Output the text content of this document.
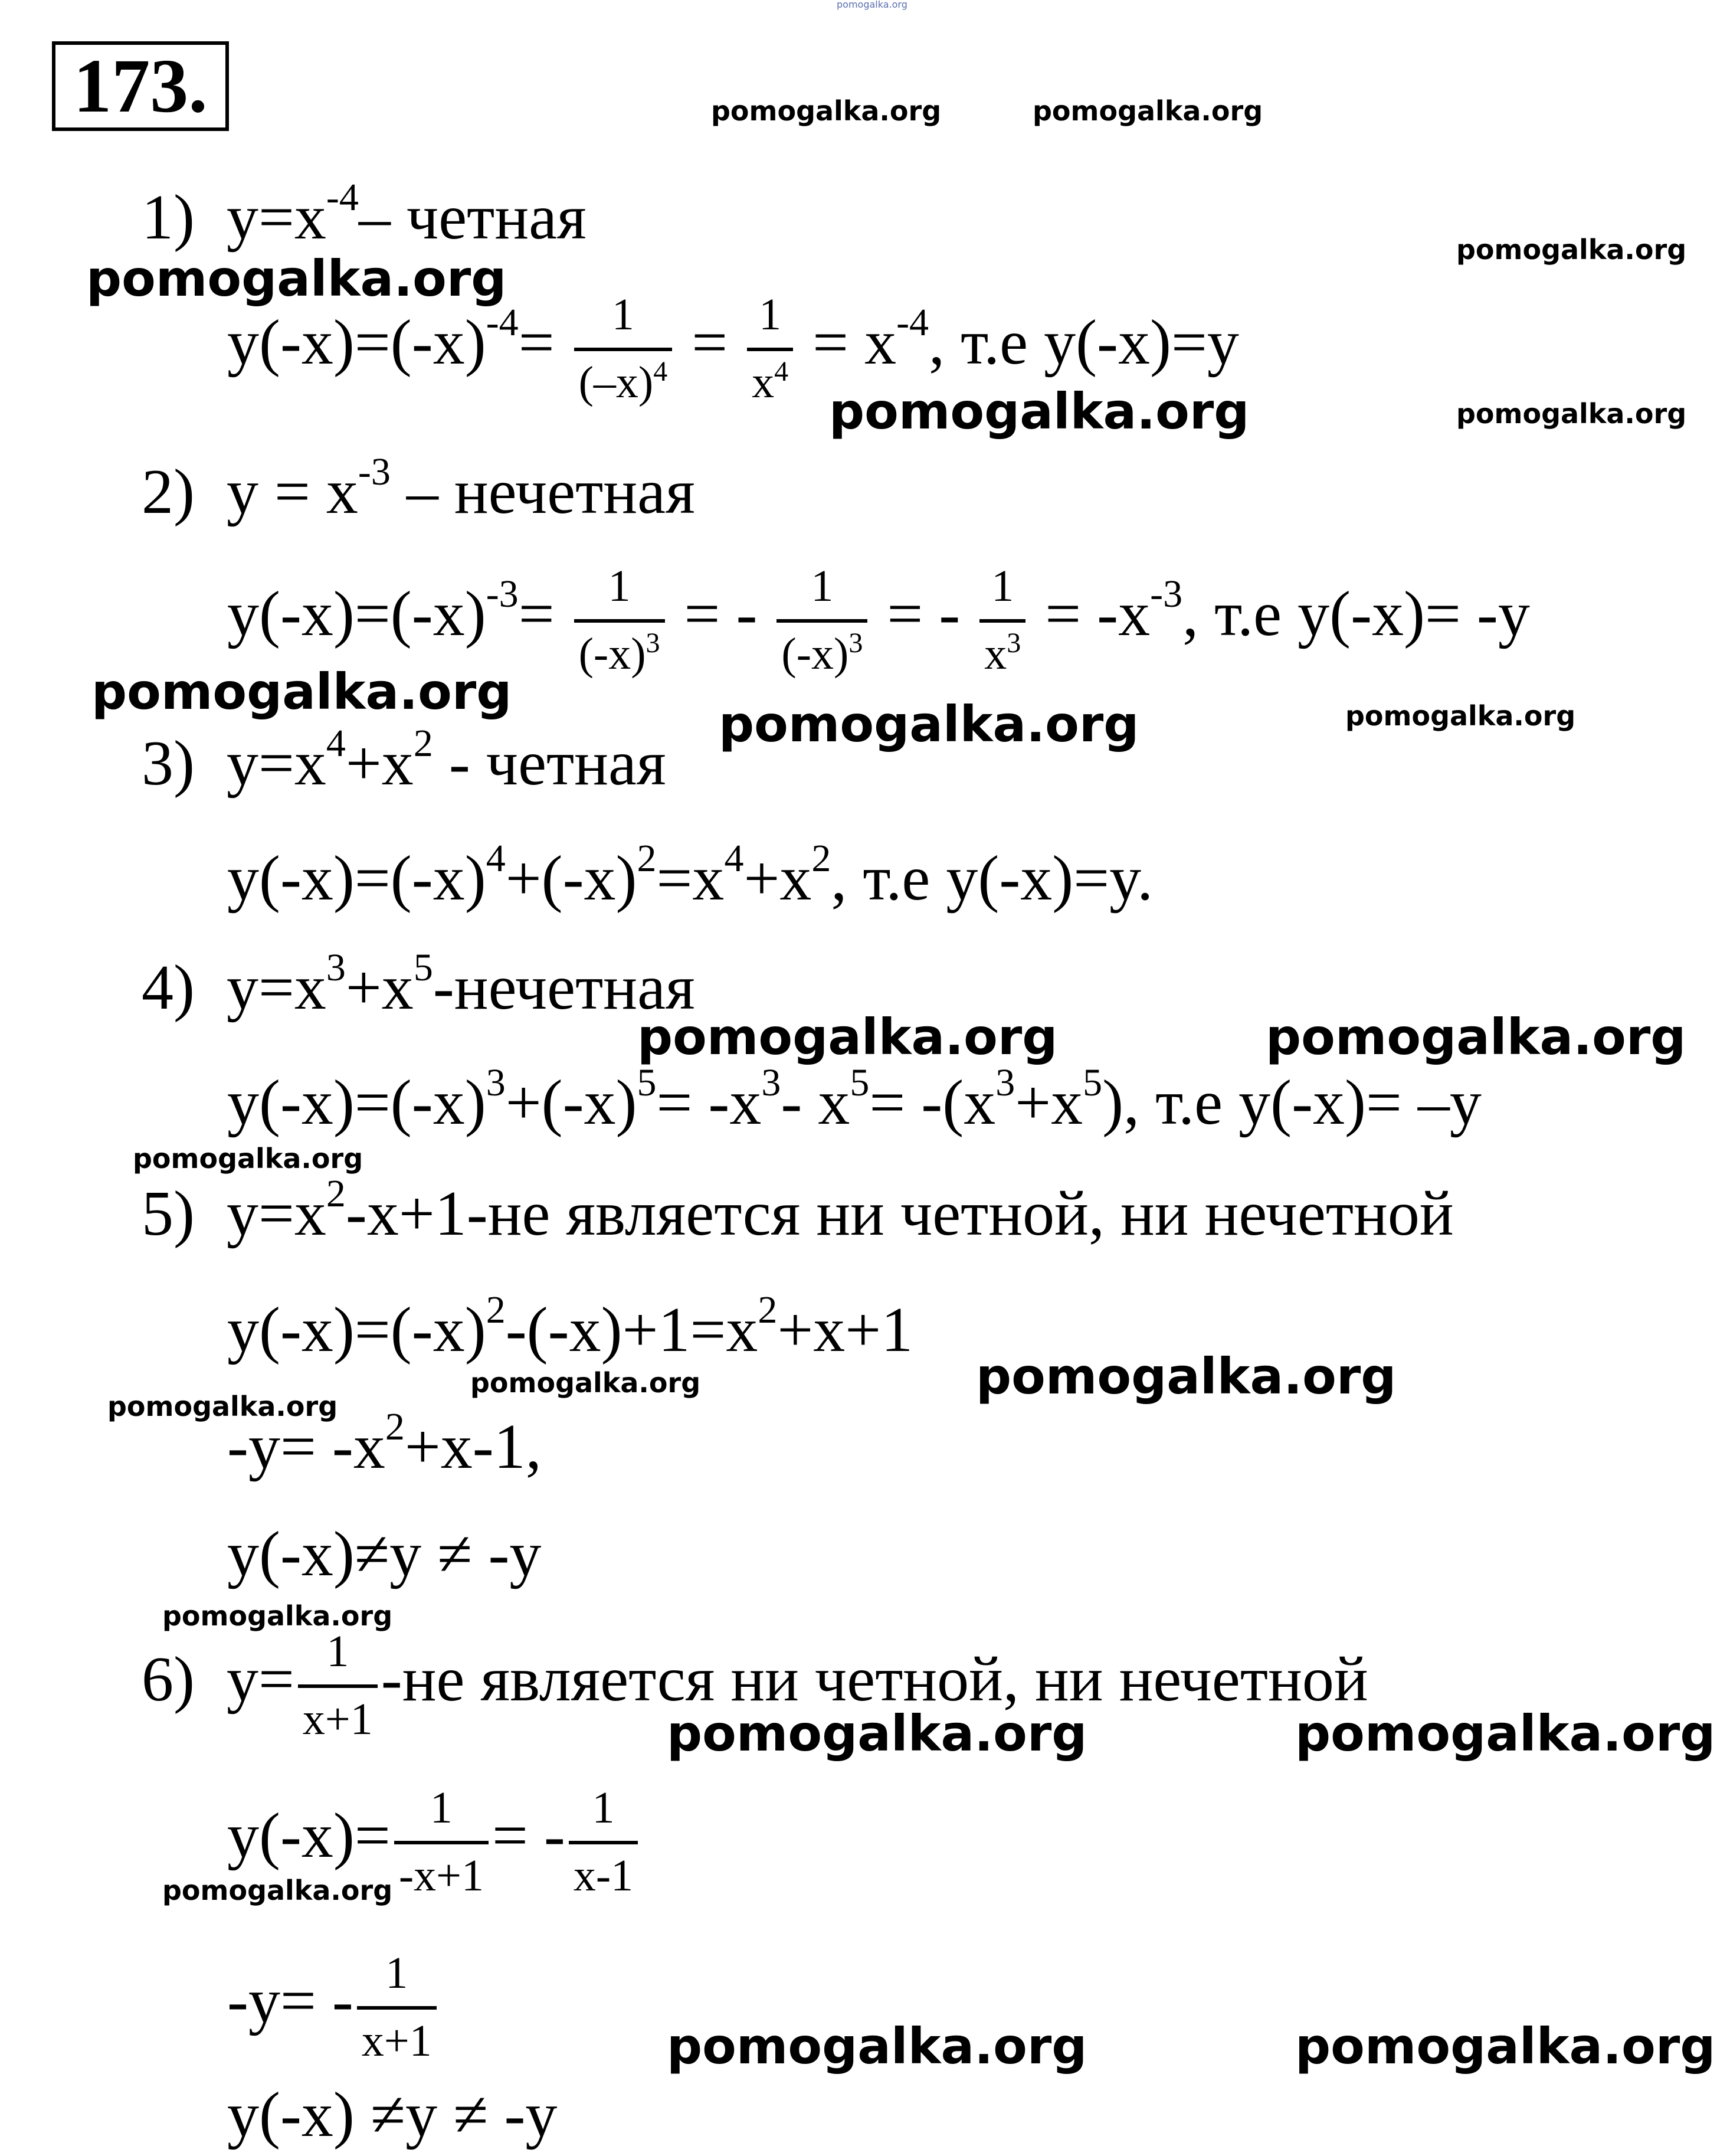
pomogalka.org
173.
1) $y=x^{-4}-$ четная
$y(-x)=(-x)^{-4}= \frac{1}{(-x)^4} = \frac{1}{x^4} = x^{-4}$, т.е y(-x)=y
2) $y = x^{-3}$ – нечетная
$y(-x)=(-x)^{-3}= \frac{1}{(-x)^3}$ = - $\frac{1}{(-x)^3}$ = - $\frac{1}{x^3} = -x^{-3}$, т.е y(-x)= -y
3) $y=x^4+x^2$ - четная
$y(-x)=(-x)^4+(-x)^2=x^4+x^2$, т.е y(-x)=y.
4) $y=x^3+x^5$-нечетная
$y(-x)=(-x)^3+(-x)^5= -x^3-$ $x^5= -(x^3+x^5)$, т.е y(-x)= –y
5) $y=x^2-x+1-не$ является ни четной, ни нечетной
$y(-x)=(-x)^2-(-x)+1=x^2+x+1$
$-y= -x^2+x-1$,
y(-x)≠y ≠ -y
6) $y= \frac{1}{x+1} -не$ является ни четной, ни нечетной
$y(-x)= \frac{1}{-x+1}$ = - $\frac{1}{x-1}$
$-y= - \frac{1}{x+1}$
y(-x) ≠y ≠ -y
pomogalka.org	pomogalka.org
pomogalka.org
pomogalka.org
pomogalka.org	pomogalka.org
pomogalka.org
pomogalka.org	pomogalka.org
pomogalka.org	pomogalka.org
pomogalka.org
pomogalka.org	pomogalka.org
pomogalka.org
pomogalka.org
pomogalka.org	pomogalka.org
pomogalka.org
pomogalka.org	pomogalka.org
